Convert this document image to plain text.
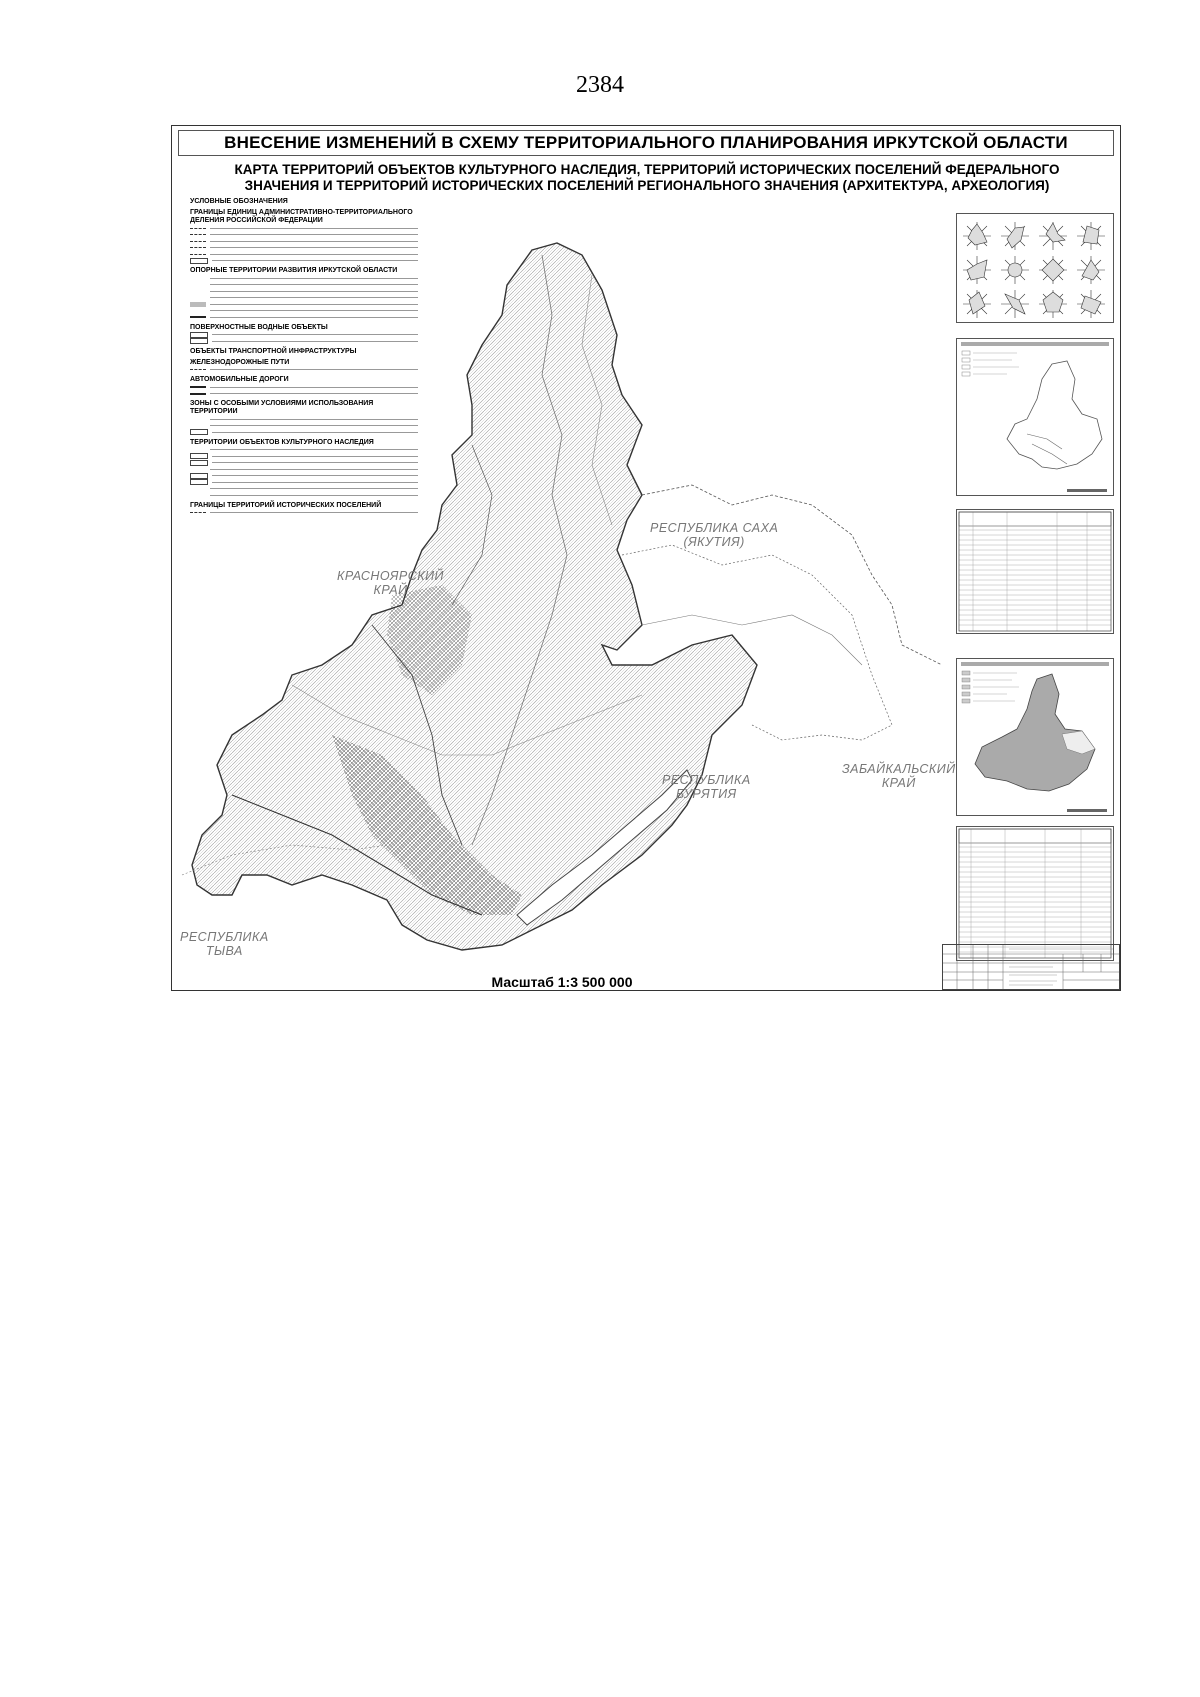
2384
ВНЕСЕНИЕ ИЗМЕНЕНИЙ В СХЕМУ ТЕРРИТОРИАЛЬНОГО ПЛАНИРОВАНИЯ ИРКУТСКОЙ ОБЛАСТИ
КАРТА ТЕРРИТОРИЙ ОБЪЕКТОВ КУЛЬТУРНОГО НАСЛЕДИЯ, ТЕРРИТОРИЙ ИСТОРИЧЕСКИХ ПОСЕЛЕНИЙ ФЕДЕРАЛЬНОГО
ЗНАЧЕНИЯ И ТЕРРИТОРИЙ ИСТОРИЧЕСКИХ ПОСЕЛЕНИЙ РЕГИОНАЛЬНОГО ЗНАЧЕНИЯ (АРХИТЕКТУРА, АРХЕОЛОГИЯ)
УСЛОВНЫЕ ОБОЗНАЧЕНИЯ
ГРАНИЦЫ ЕДИНИЦ АДМИНИСТРАТИВНО-ТЕРРИТОРИАЛЬНОГО ДЕЛЕНИЯ РОССИЙСКОЙ ФЕДЕРАЦИИ
ОПОРНЫЕ ТЕРРИТОРИИ РАЗВИТИЯ ИРКУТСКОЙ ОБЛАСТИ
ПОВЕРХНОСТНЫЕ ВОДНЫЕ ОБЪЕКТЫ
ОБЪЕКТЫ ТРАНСПОРТНОЙ ИНФРАСТРУКТУРЫ
ЖЕЛЕЗНОДОРОЖНЫЕ ПУТИ
АВТОМОБИЛЬНЫЕ ДОРОГИ
ЗОНЫ С ОСОБЫМИ УСЛОВИЯМИ ИСПОЛЬЗОВАНИЯ ТЕРРИТОРИИ
ТЕРРИТОРИИ ОБЪЕКТОВ КУЛЬТУРНОГО НАСЛЕДИЯ
ГРАНИЦЫ ТЕРРИТОРИЙ ИСТОРИЧЕСКИХ ПОСЕЛЕНИЙ
КРАСНОЯРСКИЙ
КРАЙ
РЕСПУБЛИКА САХА
(ЯКУТИЯ)
РЕСПУБЛИКА
БУРЯТИЯ
ЗАБАЙКАЛЬСКИЙ
КРАЙ
РЕСПУБЛИКА
ТЫВА
Масштаб 1:3 500 000
